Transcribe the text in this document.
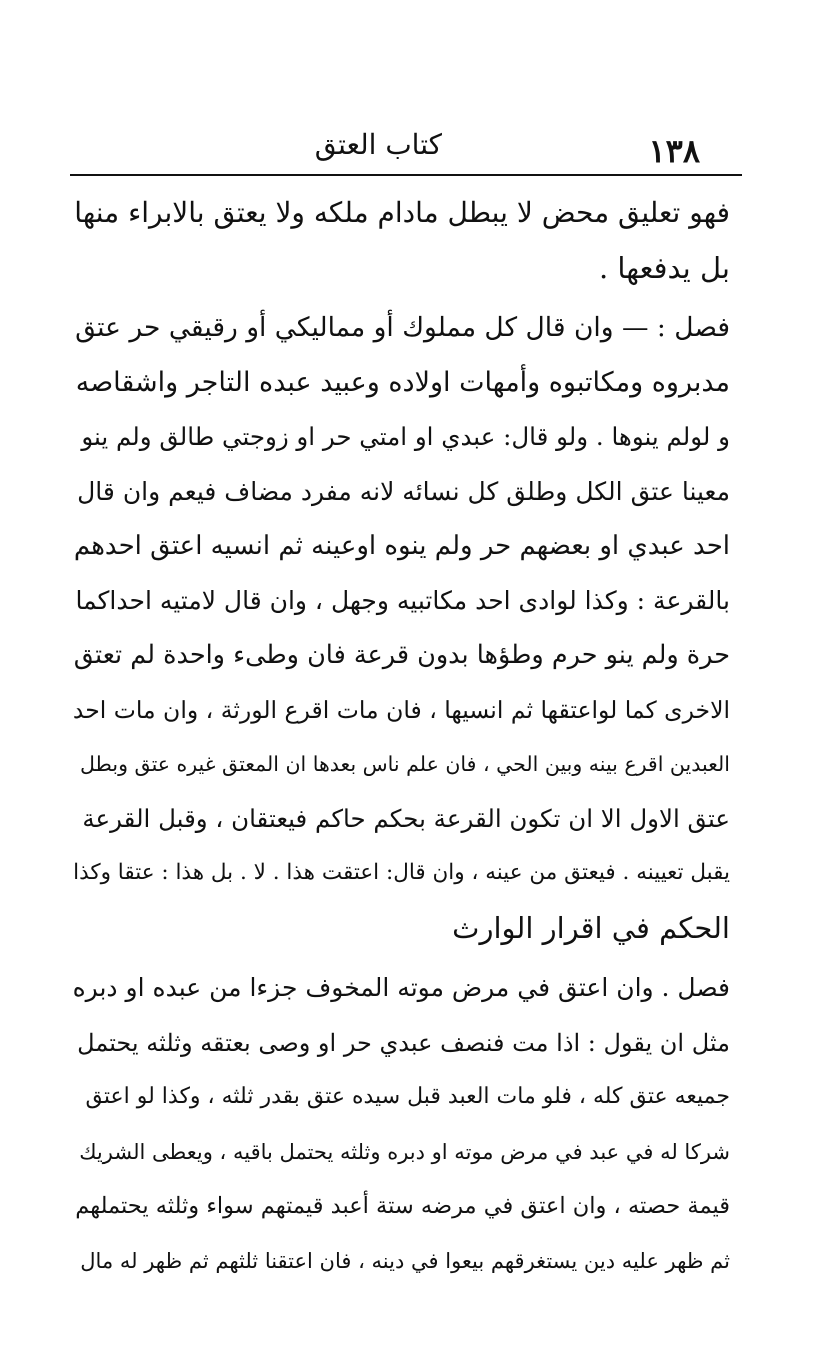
١٣٨
كتاب العتق

فهو تعليق محض لا يبطل مادام ملكه ولا يعتق بالابراء منها
بل يدفعها .

فصل : — وان قال كل مملوك أو مماليكي أو رقيقي حر عتق
مدبروه ومكاتبوه وأمهات اولاده وعبيد عبده التاجر واشقاصه
و لولم ينوها . ولو قال: عبدي او امتي حر او زوجتي طالق ولم ينو
معينا عتق الكل وطلق كل نسائه لانه مفرد مضاف فيعم وان قال
احد عبدي او بعضهم حر ولم ينوه اوعينه ثم انسيه اعتق احدهم
بالقرعة : وكذا لوادى احد مكاتبيه وجهل ، وان قال لامتيه احداكما
حرة ولم ينو حرم وطؤها بدون قرعة فان وطىء واحدة لم تعتق
الاخرى كما لواعتقها ثم انسيها ، فان مات اقرع الورثة ، وان مات احد
العبدين اقرع بينه وبين الحي ، فان علم ناس بعدها ان المعتق غيره عتق وبطل
عتق الاول الا ان تكون القرعة بحكم حاكم فيعتقان ، وقبل القرعة
يقبل تعيينه . فيعتق من عينه ، وان قال: اعتقت هذا . لا . بل هذا : عتقا وكذا
الحكم في اقرار الوارث

فصل . وان اعتق في مرض موته المخوف جزءا من عبده او دبره
مثل ان يقول : اذا مت فنصف عبدي حر او وصى بعتقه وثلثه يحتمل
جميعه عتق كله ، فلو مات العبد قبل سيده عتق بقدر ثلثه ، وكذا لو اعتق
شركا له في عبد في مرض موته او دبره وثلثه يحتمل باقيه ، ويعطى الشريك
قيمة حصته ، وان اعتق في مرضه ستة أعبد قيمتهم سواء وثلثه يحتملهم
ثم ظهر عليه دين يستغرقهم بيعوا في دينه ، فان اعتقنا ثلثهم ثم ظهر له مال
